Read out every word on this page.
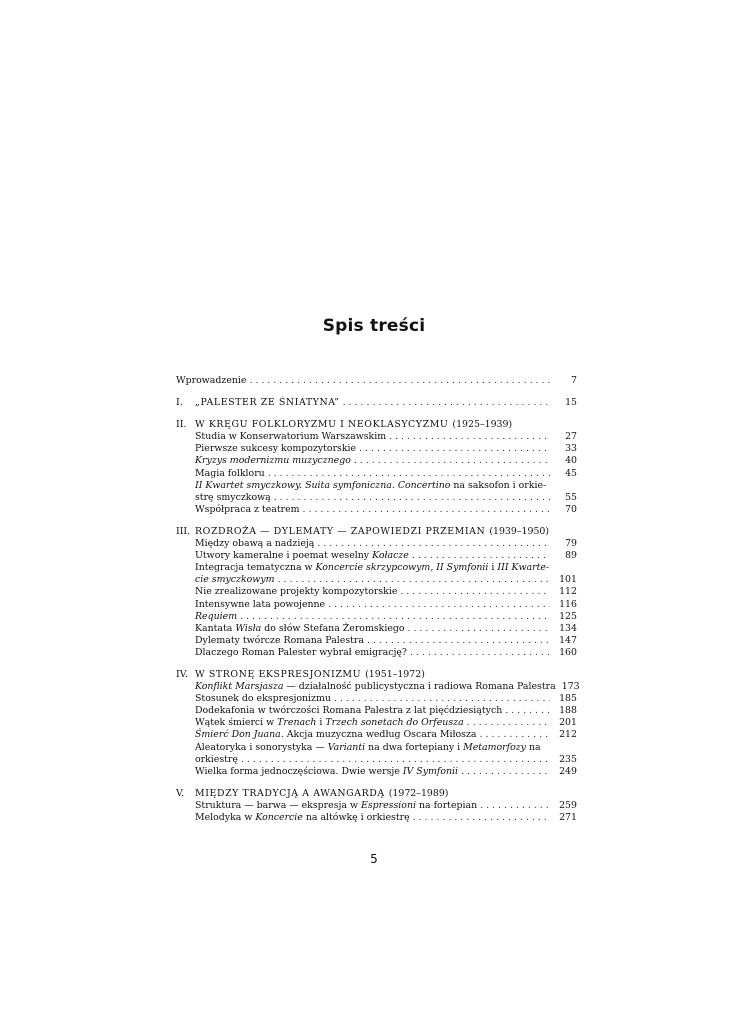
Spis treści
Wprowadzenie . . .	7
I.	„PALESTER ZE ŚNIATYNA” . . .	15
II. W KRĘGU FOLKLORYZMU I NEOKLASYCYZMU (1925–1939)
Studia w Konserwatorium Warszawskim . . .	27
Pierwsze sukcesy kompozytorskie . . .	33
Kryzys modernizmu muzycznego . . .	40
Magia folkloru . . .	45
II Kwartet smyczkowy. Suita symfoniczna. Concertino na saksofon i orkie-
strę smyczkową . . .	55
Współpraca z teatrem . . .	70
III. ROZDROŻA — DYLEMATY — ZAPOWIEDZI PRZEMIAN (1939–1950)
Między obawą a nadzieją . . .	79
Utwory kameralne i poemat weselny Kołacze . . .	89
Integracja tematyczna w Koncercie skrzypcowym, II Symfonii i III Kwarte-
cie smyczkowym . . .	101
Nie zrealizowane projekty kompozytorskie . . .	112
Intensywne lata powojenne . . .	116
Requiem . . .	125
Kantata Wisła do słów Stefana Żeromskiego . . .	134
Dylematy twórcze Romana Palestra . . .	147
Dlaczego Roman Palester wybrał emigrację? . . .	160
IV. W STRONĘ EKSPRESJONIZMU (1951–1972)
Konflikt Marsjasza — działalność publicystyczna i radiowa Romana Palestra 173
Stosunek do ekspresjonizmu . . .	185
Dodekafonia w twórczości Romana Palestra z lat pięćdziesiątych . . .	188
Wątek śmierci w Trenach i Trzech sonetach do Orfeusza . . .	201
Śmierć Don Juana. Akcja muzyczna według Oscara Miłosza . . .	212
Aleatoryka i sonorystyka — Varianti na dwa fortepiany i Metamorfozy na
orkiestrę . . .	235
Wielka forma jednoczęściowa. Dwie wersje IV Symfonii . . .	249
V.	MIĘDZY TRADYCJĄ A AWANGARDĄ (1972–1989)
Struktura — barwa — ekspresja w Espressioni na fortepian . . .	259
Melodyka w Koncercie na altówkę i orkiestrę . . .	271
5
